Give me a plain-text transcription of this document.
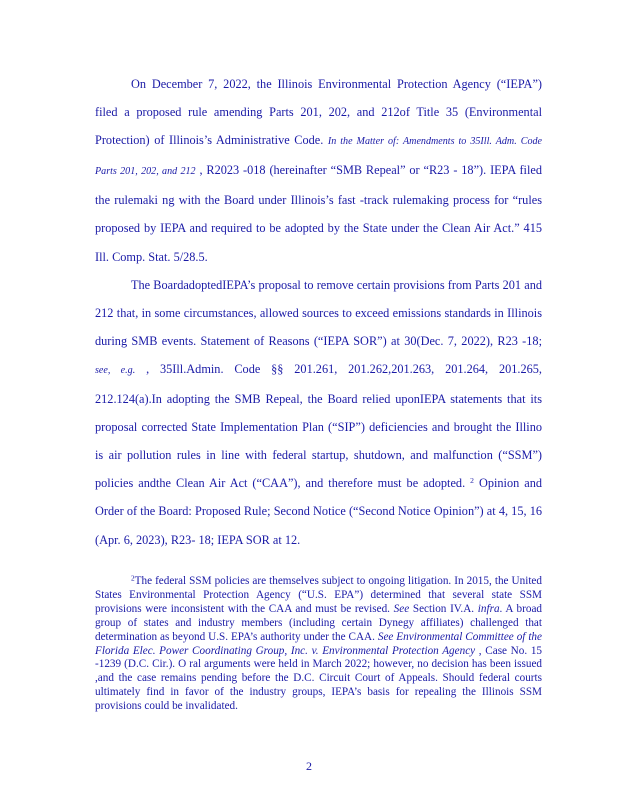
On December 7, 2022, the Illinois Environmental Protection Agency (“IEPA”) filed a proposed rule amending Parts 201, 202, and 212of Title 35 (Environmental Protection) of Illinois’s Administrative Code. In the Matter of: Amendments to 35Ill. Adm. Code Parts 201, 202, and 212 , R2023 -018 (hereinafter “SMB Repeal” or “R23 - 18”). IEPA filed the rulemaki ng with the Board under Illinois’s fast -track rulemaking process for “rules proposed by IEPA and required to be adopted by the State under the Clean Air Act.” 415 Ill. Comp. Stat. 5/28.5.

The BoardadoptedIEPA’s proposal to remove certain provisions from Parts 201 and 212 that, in some circumstances, allowed sources to exceed emissions standards in Illinois during SMB events. Statement of Reasons (“IEPA SOR”) at 30(Dec. 7, 2022), R23 -18; see, e.g. , 35Ill.Admin. Code §§ 201.261, 201.262,201.263, 201.264, 201.265, 212.124(a).In adopting the SMB Repeal, the Board relied uponIEPA statements that its proposal corrected State Implementation Plan (“SIP”) deficiencies and brought the Illino is air pollution rules in line with federal startup, shutdown, and malfunction (“SSM”) policies andthe Clean Air Act (“CAA”), and therefore must be adopted. $^2$ Opinion and Order of the Board: Proposed Rule; Second Notice (“Second Notice Opinion”) at 4, 15, 16 (Apr. 6, 2023), R23- 18; IEPA SOR at 12.

$^2$The federal SSM policies are themselves subject to ongoing litigation. In 2015, the United States Environmental Protection Agency (“U.S. EPA”) determined that several state SSM provisions were inconsistent with the CAA and must be revised. See Section IV.A. infra. A broad group of states and industry members (including certain Dynegy affiliates) challenged that determination as beyond U.S. EPA’s authority under the CAA. See Environmental Committee of the Florida Elec. Power Coordinating Group, Inc. v. Environmental Protection Agency , Case No. 15 -1239 (D.C. Cir.). O ral arguments were held in March 2022; however, no decision has been issued ,and the case remains pending before the D.C. Circuit Court of Appeals. Should federal courts ultimately find in favor of the industry groups, IEPA’s basis for repealing the Illinois SSM provisions could be invalidated.

2
